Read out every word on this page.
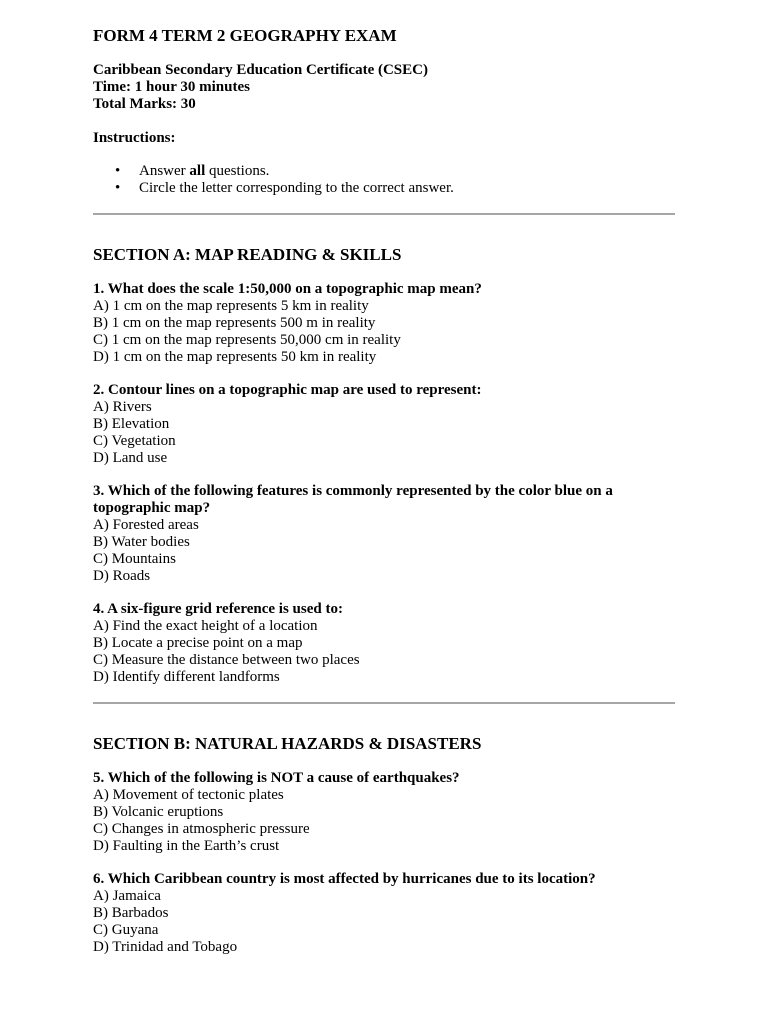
FORM 4 TERM 2 GEOGRAPHY EXAM
Caribbean Secondary Education Certificate (CSEC)
Time: 1 hour 30 minutes
Total Marks: 30
Instructions:
• Answer all questions.
• Circle the letter corresponding to the correct answer.
SECTION A: MAP READING & SKILLS
1. What does the scale 1:50,000 on a topographic map mean?
A) 1 cm on the map represents 5 km in reality
B) 1 cm on the map represents 500 m in reality
C) 1 cm on the map represents 50,000 cm in reality
D) 1 cm on the map represents 50 km in reality
2. Contour lines on a topographic map are used to represent:
A) Rivers
B) Elevation
C) Vegetation
D) Land use
3. Which of the following features is commonly represented by the color blue on a topographic map?
A) Forested areas
B) Water bodies
C) Mountains
D) Roads
4. A six-figure grid reference is used to:
A) Find the exact height of a location
B) Locate a precise point on a map
C) Measure the distance between two places
D) Identify different landforms
SECTION B: NATURAL HAZARDS & DISASTERS
5. Which of the following is NOT a cause of earthquakes?
A) Movement of tectonic plates
B) Volcanic eruptions
C) Changes in atmospheric pressure
D) Faulting in the Earth’s crust
6. Which Caribbean country is most affected by hurricanes due to its location?
A) Jamaica
B) Barbados
C) Guyana
D) Trinidad and Tobago
